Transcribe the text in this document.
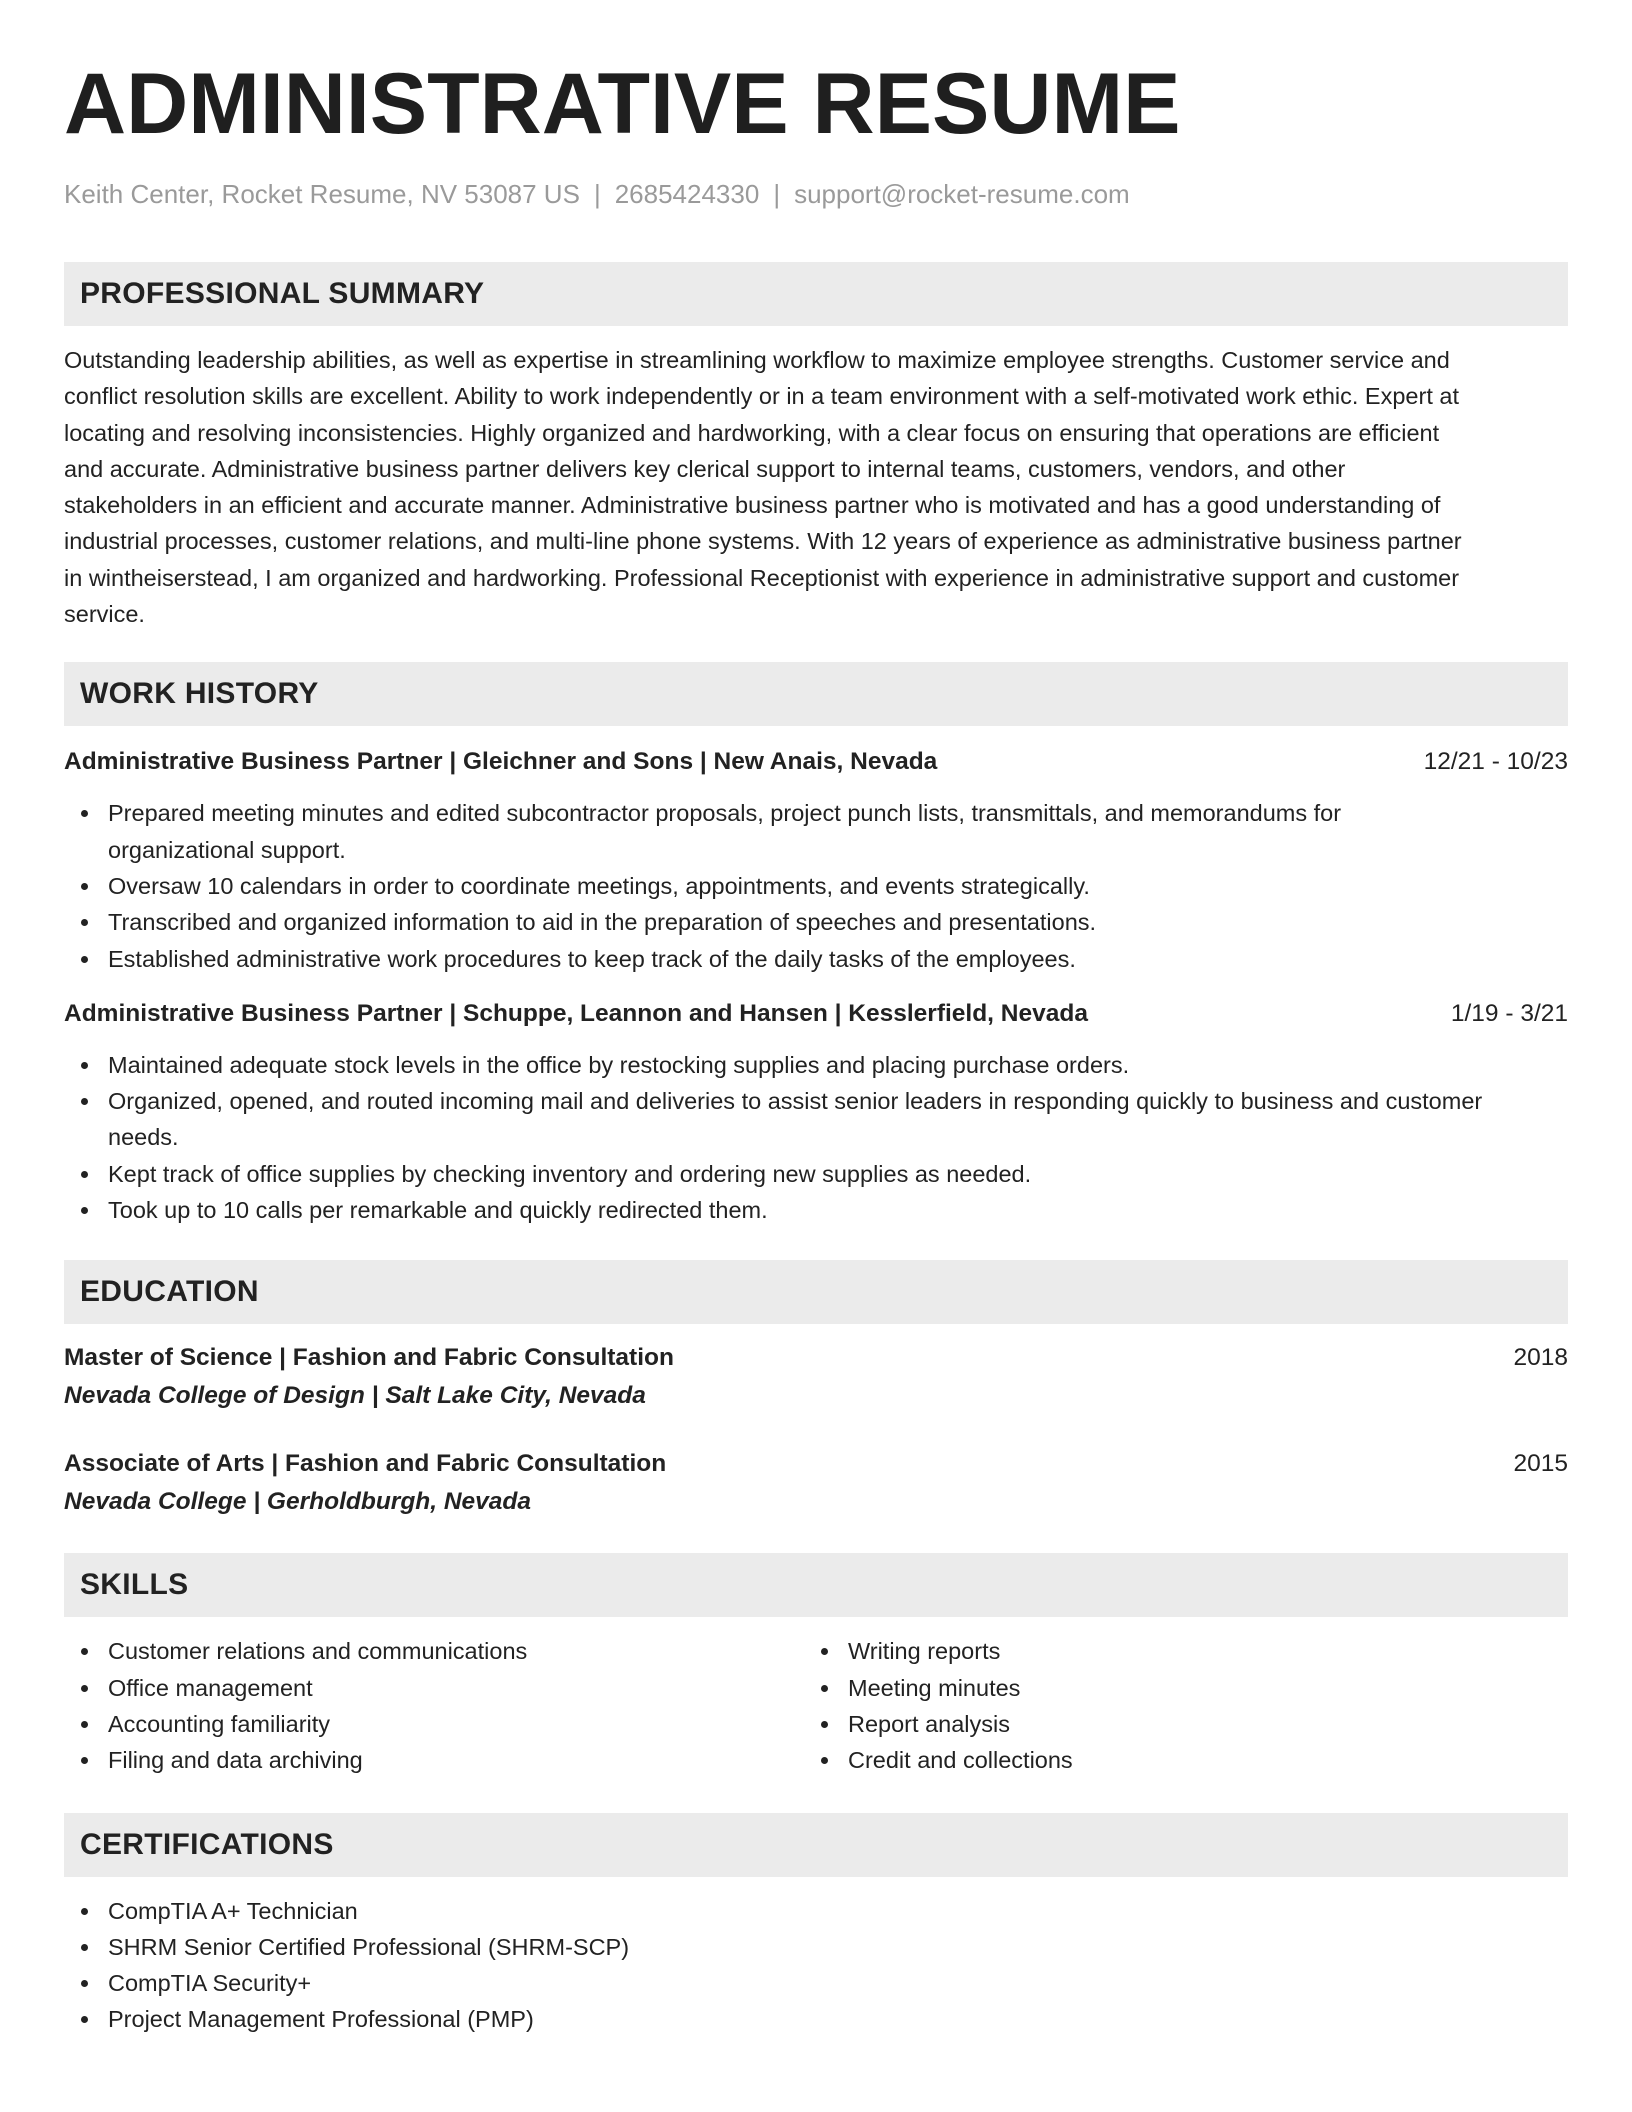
ADMINISTRATIVE RESUME
Keith Center, Rocket Resume, NV 53087 US | 2685424330 | support@rocket-resume.com
PROFESSIONAL SUMMARY
Outstanding leadership abilities, as well as expertise in streamlining workflow to maximize employee strengths. Customer service and
conflict resolution skills are excellent. Ability to work independently or in a team environment with a self-motivated work ethic. Expert at
locating and resolving inconsistencies. Highly organized and hardworking, with a clear focus on ensuring that operations are efficient
and accurate. Administrative business partner delivers key clerical support to internal teams, customers, vendors, and other
stakeholders in an efficient and accurate manner. Administrative business partner who is motivated and has a good understanding of
industrial processes, customer relations, and multi-line phone systems. With 12 years of experience as administrative business partner
in wintheiserstead, I am organized and hardworking. Professional Receptionist with experience in administrative support and customer
service.
WORK HISTORY
Administrative Business Partner | Gleichner and Sons | New Anais, Nevada	12/21 - 10/23
Prepared meeting minutes and edited subcontractor proposals, project punch lists, transmittals, and memorandums for
organizational support.
Oversaw 10 calendars in order to coordinate meetings, appointments, and events strategically.
Transcribed and organized information to aid in the preparation of speeches and presentations.
Established administrative work procedures to keep track of the daily tasks of the employees.
Administrative Business Partner | Schuppe, Leannon and Hansen | Kesslerfield, Nevada	1/19 - 3/21
Maintained adequate stock levels in the office by restocking supplies and placing purchase orders.
Organized, opened, and routed incoming mail and deliveries to assist senior leaders in responding quickly to business and customer
needs.
Kept track of office supplies by checking inventory and ordering new supplies as needed.
Took up to 10 calls per remarkable and quickly redirected them.
EDUCATION
Master of Science | Fashion and Fabric Consultation	2018
Nevada College of Design | Salt Lake City, Nevada
Associate of Arts | Fashion and Fabric Consultation	2015
Nevada College | Gerholdburgh, Nevada
SKILLS
Customer relations and communications
Office management
Accounting familiarity
Filing and data archiving
Writing reports
Meeting minutes
Report analysis
Credit and collections
CERTIFICATIONS
CompTIA A+ Technician
SHRM Senior Certified Professional (SHRM-SCP)
CompTIA Security+
Project Management Professional (PMP)
